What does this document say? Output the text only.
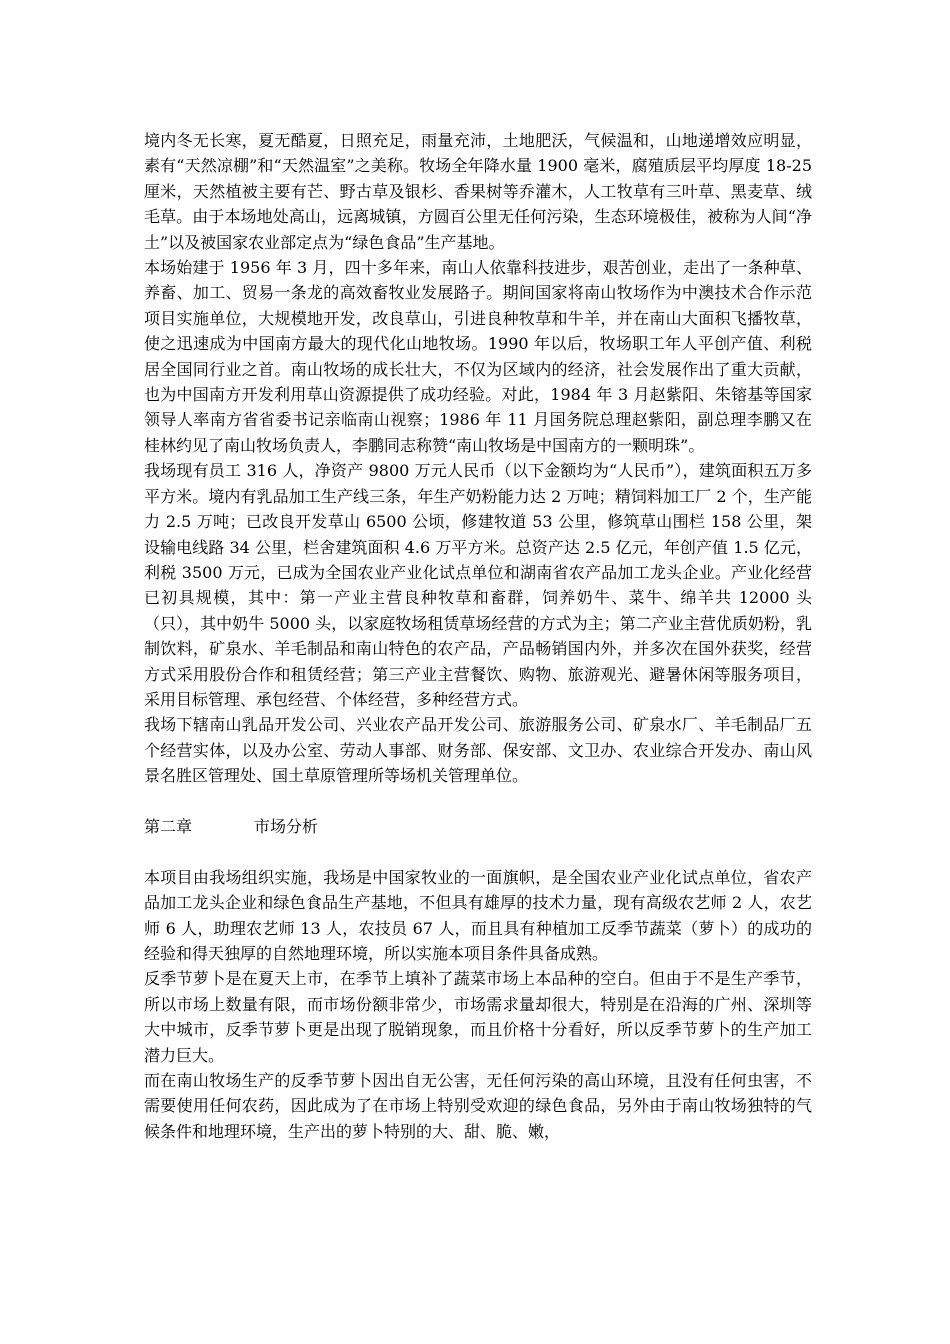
境内冬无长寒，夏无酷夏，日照充足，雨量充沛，土地肥沃，气候温和，山地递增效应明显，素有“天然凉棚”和“天然温室”之美称。牧场全年降水量 1900 毫米，腐殖质层平均厚度 18-25 厘米，天然植被主要有芒、野古草及银杉、香果树等乔灌木，人工牧草有三叶草、黑麦草、绒毛草。由于本场地处高山，远离城镇，方圆百公里无任何污染，生态环境极佳，被称为人间“净土”以及被国家农业部定点为“绿色食品”生产基地。

本场始建于 1956 年 3 月，四十多年来，南山人依靠科技进步，艰苦创业，走出了一条种草、养畜、加工、贸易一条龙的高效畜牧业发展路子。期间国家将南山牧场作为中澳技术合作示范项目实施单位，大规模地开发，改良草山，引进良种牧草和牛羊，并在南山大面积飞播牧草，使之迅速成为中国南方最大的现代化山地牧场。1990 年以后，牧场职工年人平创产值、利税居全国同行业之首。南山牧场的成长壮大，不仅为区域内的经济，社会发展作出了重大贡献，也为中国南方开发利用草山资源提供了成功经验。对此，1984 年 3 月赵紫阳、朱镕基等国家领导人率南方省省委书记亲临南山视察；1986 年 11 月国务院总理赵紫阳，副总理李鹏又在桂林约见了南山牧场负责人，李鹏同志称赞“南山牧场是中国南方的一颗明珠”。

我场现有员工 316 人，净资产 9800 万元人民币（以下金额均为“人民币”），建筑面积五万多平方米。境内有乳品加工生产线三条，年生产奶粉能力达 2 万吨；精饲料加工厂 2 个，生产能力 2.5 万吨；已改良开发草山 6500 公顷，修建牧道 53 公里，修筑草山围栏 158 公里，架设输电线路 34 公里，栏舍建筑面积 4.6 万平方米。总资产达 2.5 亿元，年创产值 1.5 亿元，利税 3500 万元，已成为全国农业产业化试点单位和湖南省农产品加工龙头企业。产业化经营已初具规模，其中：第一产业主营良种牧草和畜群，饲养奶牛、菜牛、绵羊共 12000 头（只），其中奶牛 5000 头，以家庭牧场租赁草场经营的方式为主；第二产业主营优质奶粉，乳制饮料，矿泉水、羊毛制品和南山特色的农产品，产品畅销国内外，并多次在国外获奖，经营方式采用股份合作和租赁经营；第三产业主营餐饮、购物、旅游观光、避暑休闲等服务项目，采用目标管理、承包经营、个体经营，多种经营方式。

我场下辖南山乳品开发公司、兴业农产品开发公司、旅游服务公司、矿泉水厂、羊毛制品厂五个经营实体，以及办公室、劳动人事部、财务部、保安部、文卫办、农业综合开发办、南山风景名胜区管理处、国土草原管理所等场机关管理单位。

第二章	市场分析

本项目由我场组织实施，我场是中国家牧业的一面旗帜，是全国农业产业化试点单位，省农产品加工龙头企业和绿色食品生产基地，不但具有雄厚的技术力量，现有高级农艺师 2 人，农艺师 6 人，助理农艺师 13 人，农技员 67 人，而且具有种植加工反季节蔬菜（萝卜）的成功的经验和得天独厚的自然地理环境，所以实施本项目条件具备成熟。

反季节萝卜是在夏天上市，在季节上填补了蔬菜市场上本品种的空白。但由于不是生产季节，所以市场上数量有限，而市场份额非常少，市场需求量却很大，特别是在沿海的广州、深圳等大中城市，反季节萝卜更是出现了脱销现象，而且价格十分看好，所以反季节萝卜的生产加工潜力巨大。

而在南山牧场生产的反季节萝卜因出自无公害，无任何污染的高山环境，且没有任何虫害，不需要使用任何农药，因此成为了在市场上特别受欢迎的绿色食品，另外由于南山牧场独特的气候条件和地理环境，生产出的萝卜特别的大、甜、脆、嫩，
